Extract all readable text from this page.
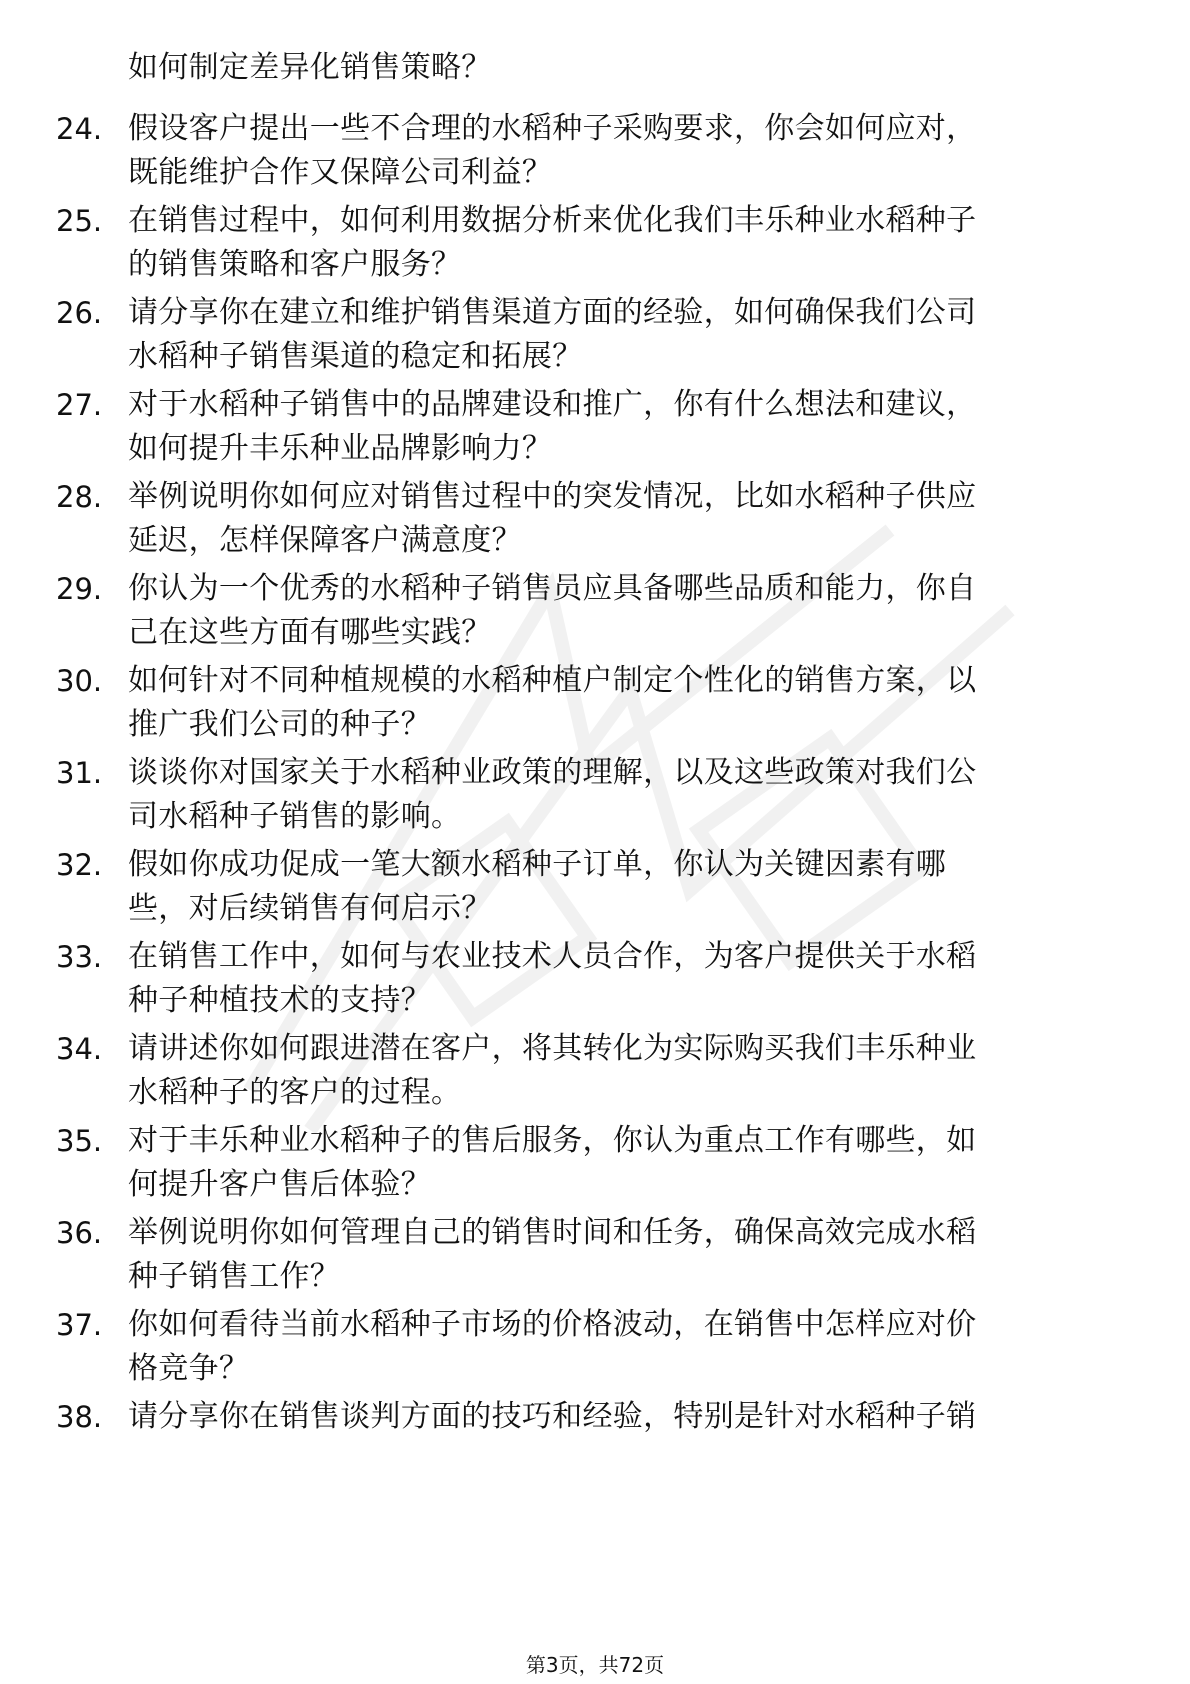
如何制定差异化销售策略？
24. 假设客户提出一些不合理的水稻种子采购要求，你会如何应对，
既能维护合作又保障公司利益？
25. 在销售过程中，如何利用数据分析来优化我们丰乐种业水稻种子
的销售策略和客户服务？
26. 请分享你在建立和维护销售渠道方面的经验，如何确保我们公司
水稻种子销售渠道的稳定和拓展？
27. 对于水稻种子销售中的品牌建设和推广，你有什么想法和建议，
如何提升丰乐种业品牌影响力？
28. 举例说明你如何应对销售过程中的突发情况，比如水稻种子供应
延迟，怎样保障客户满意度？
29. 你认为一个优秀的水稻种子销售员应具备哪些品质和能力，你自
己在这些方面有哪些实践？
30. 如何针对不同种植规模的水稻种植户制定个性化的销售方案，以
推广我们公司的种子？
31. 谈谈你对国家关于水稻种业政策的理解，以及这些政策对我们公
司水稻种子销售的影响。
32. 假如你成功促成一笔大额水稻种子订单，你认为关键因素有哪
些，对后续销售有何启示？
33. 在销售工作中，如何与农业技术人员合作，为客户提供关于水稻
种子种植技术的支持？
34. 请讲述你如何跟进潜在客户，将其转化为实际购买我们丰乐种业
水稻种子的客户的过程。
35. 对于丰乐种业水稻种子的售后服务，你认为重点工作有哪些，如
何提升客户售后体验？
36. 举例说明你如何管理自己的销售时间和任务，确保高效完成水稻
种子销售工作？
37. 你如何看待当前水稻种子市场的价格波动，在销售中怎样应对价
格竞争？
38. 请分享你在销售谈判方面的技巧和经验，特别是针对水稻种子销
第3页，共72页
